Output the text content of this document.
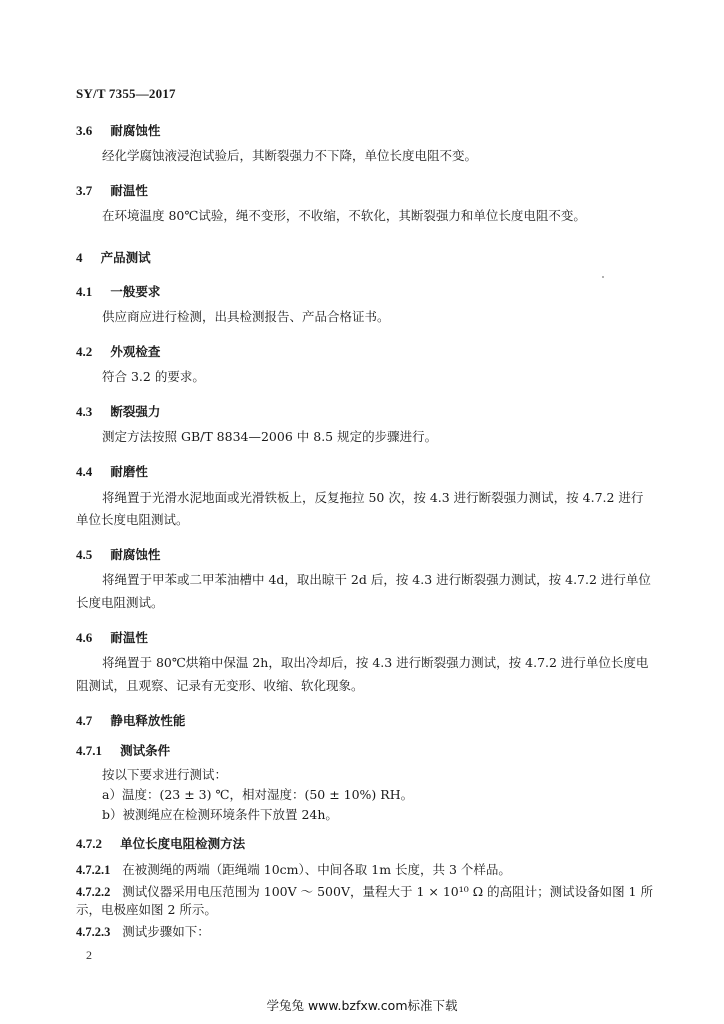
SY/T 7355—2017
3.6 耐腐蚀性
经化学腐蚀液浸泡试验后，其断裂强力不下降，单位长度电阻不变。
3.7 耐温性
在环境温度 80℃试验，绳不变形，不收缩，不软化，其断裂强力和单位长度电阻不变。
4 产品测试
4.1 一般要求
供应商应进行检测，出具检测报告、产品合格证书。
4.2 外观检查
符合 3.2 的要求。
4.3 断裂强力
测定方法按照 GB/T 8834—2006 中 8.5 规定的步骤进行。
4.4 耐磨性
将绳置于光滑水泥地面或光滑铁板上，反复拖拉 50 次，按 4.3 进行断裂强力测试，按 4.7.2 进行
单位长度电阻测试。
4.5 耐腐蚀性
将绳置于甲苯或二甲苯油槽中 4d，取出晾干 2d 后，按 4.3 进行断裂强力测试，按 4.7.2 进行单位
长度电阻测试。
4.6 耐温性
将绳置于 80℃烘箱中保温 2h，取出冷却后，按 4.3 进行断裂强力测试，按 4.7.2 进行单位长度电
阻测试，且观察、记录有无变形、收缩、软化现象。
4.7 静电释放性能
4.7.1 测试条件
按以下要求进行测试：
a）温度：(23 ± 3) ℃，相对湿度：(50 ± 10%) RH。
b）被测绳应在检测环境条件下放置 24h。
4.7.2 单位长度电阻检测方法
4.7.2.1 在被测绳的两端（距绳端 10cm）、中间各取 1m 长度，共 3 个样品。
4.7.2.2 测试仪器采用电压范围为 100V ～ 500V，量程大于 1 × 10¹⁰ Ω 的高阻计；测试设备如图 1 所
示，电极座如图 2 所示。
4.7.2.3 测试步骤如下：
2
学兔兔 www.bzfxw.com标准下载
